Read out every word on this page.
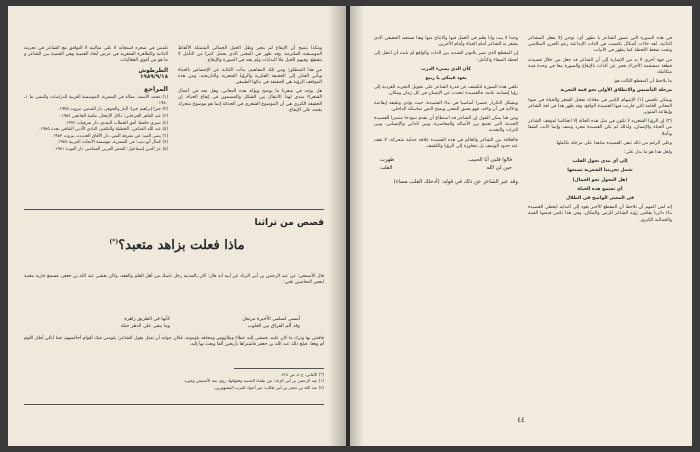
ومكذا يتضح أن الإيقاع لم ينغير وظل الخيل الجمالي المتمثلة الألفاظ الموسيقية الملتزمة، وقد ظهر في المعنى الذي يحمل كثيرا من التأمل لا ينقطع، وفيهم الخيل ملأ البدايات ولم يجد في الصورة والإيقاع.

من هذا المنطلق؛ ومن تلك المفاهيم، بدأت الكتابة عن الإحساس بالحياة ويأتي الفنان إلى الحقيقة الفكرية والرؤيا الشعرية والتاريخية، ومن هذه المواقف الرؤية هي الحقيقة في بنائها الطبيعي.

هل يوجد في شعرنا ما يوضح ويؤكد هذه المعاني، وهل نجد في أعمال الشعراء صدى لهذا الانتقال بين الشكل والمضمون في إيقاع الحياة، إن الحقيقة الكبرى هي أن الموضوع الشعري في الحداثة إنما هو موضوع متحرك يعتمد على الإيقاع.

تلمس في شعره استجابة لا على مثاليته لا التوافق مع الشاعر في تجربته الذاتية والظاهرة الشعرية في عرض أبعاد القضية وهي القضية بين الشاعر و ما هو من أقوى الفعاليات.

الطرطوش
١٩٨٩/٩/١٨
المراجع
(١) محمد الأسعد: مقالة في الشعرية، المؤسسة العربية للدراسات والنشر، ط ١، ١٩٨٠.
(٢) جبرا إبراهيم جبرا: النار والجوهر، دار القدس، بيروت ١٩٧٥.
(٣) عبد القاهر الجرجاني: دلائل الإعجاز، مكتبة الخانجي ١٩٨٤.
(٤) صبري حافظ: أفق الخطاب النقدي، دار شرقيات ١٩٩٦.
(٥) عبد الله الغذامي: الخطيئة والتكفير، النادي الأدبي الثقافي بجدة ١٩٨٥.
(٦) يمنى العيد: في معرفة النص، دار الآفاق الجديدة، بيروت ١٩٨٣.
(٧) كمال أبو ديب: في الشعرية، مؤسسة الأبحاث العربية ١٩٨٧.
(٨) عز الدين إسماعيل: الشعر العربي المعاصر، دار العودة ١٩٨١.
قصص من تراثنا
ماذا فعلت بزاهد متعبد؟(*)
قال الأصمعي: عن عبد الرحمن بن أبي الزناد عن أبيه أنه قال: كان بالمدينة رجل ناسك من أهل العلم والفقه، وكان يغشى عبد الله بن جعفر، فسمع جارية مغنية لبعض النخاسين تغني:
أمسى لسلمى الأخيرة مرتحل
كأنها في الطريق زاهرة
وقد ألم الفراق بين القلوب
وما يبقى على الدهر حيلة
فافتتن بها وترك ما كان عليه، فمشى إليه عطاء وطاووس ومجاهد يلومونه، فكان جوابه أن تمثل بقول الشاعر: يلومني فيك أقوام أجالسهم، فما أبالي أطار اللوم أم وقعا. فبلغ ذلك عبد الله بن جعفر فاشتراها بأربعين ألفا وبعث بها إليه.
(*) الأغاني، ج ٨، ص ٢٢٤.
(١) عبد الرحمن بن أبي الزناد: من علماء المدينة وفقهائها، روى عنه الأصمعي وغيره.
(٢) عبد الله بن جعفر بن أبي طالب: من أجواد العرب المشهورين.

في هذه الصورة التي تصور الشاعر يا نظهر أي: نوحي إلا بفعل المشاعر الذاتية، لقد جاءت أشكال تكتسب في الذات الإبداعية رغم الحزن المتلاشي وتحت ضغط اللحظة كما يظهر في الأبيات.

من جهة أخرى لا بد من الإشارة إلى أن الشاعر قد جعل من خلال قصيدته قطعة منسجمة الأجزاء، فعبر عن الذات بالإيقاع والصورة معا في وحدة فنية متكاملة.

ما يلاحظ أن المقطع الثالث هو:

مرحلة التأسيس والانطلاق الأولى نحو قمة التجربة

ويمكن تلخيص (١) الإسهام الكبير في معادلة تفعيل الشعر والحياة في ضوء المعاني العامة التي قاربت فيها القصيدة الواقع، وقد ظهر هذا في لغة الشاعر وإيقاعه المتوتر.

(٢) إن الرؤيا الشعرية لا تكون في مثل هذه الحالة إلا انعكاسا لموقف الشاعر من الحياة والإنسان، ولذلك لم تكن القصيدة مجرد وصف وإنما كانت كشفا وتأملا.

وعلى الرغم من ذلك تبقى القصيدة شاهدا على مرحلة بكاملها.

ولعل هذا هو ما يدل على:

إلى أي مدى تحول القلب

تحمل تجربتنا الشعرية تصنعها

(هل التحول نحو الجمال)

أي تجتمع هذه الحياة

في المعنى الواضح في الظلال

إنه لمن المهم أن نلاحظ أن المقطع الأخير يعود إلى البداية ليعطي القصيدة بناء دائريا يعكس رؤية الشاعر للزمن والمكان، وفي هذا تكمن قيمتها الفنية والجمالية الكبرى.

وحدا لا يبت وانا يعلم في العمل فيها والانتاج منها وهنا نستعيد الحقيقي الذي يشعر به الشاعر أمام الحياة وأمام الآخرين.

إن المقطع الذي تميز بالتوتر الشديد بين الذات والواقع لم يلبث أن انتقل إلى لحظة الصفاء والتأمل:

كأن الذي يضيء الدرب

يعود فيبكي يا ربيع

تكفي هذه الصورة لتكشف عن قدرة الشاعر على تحويل التجربة الفردية إلى رؤيا إنسانية عامة، فالقصيدة تتحدث عن الإنسان في كل زمان ومكان.

ويشكل التكرار عنصرا أساسيا في بناء القصيدة، حيث يؤدي وظيفة إيقاعية ودلالية في آن واحد، فهو يعمق المعنى ويمنح النص تماسكه الداخلي.

ومن هنا يمكن القول إن الشاعر قد استطاع أن يقدم نموذجا متميزا للقصيدة الحديثة التي تجمع بين الأصالة والمعاصرة، وبين الذاتي والإنساني، وبين التراث والتجديد.

فالعلاقة بين الشاعر والعالم في هذه القصيدة علاقة جدلية متحركة، لا تقف عند حدود الوصف بل تتجاوزه إلى الرؤيا والكشف.

قالوا قلبي أنا الحبيب
ظهرت
حين لي الله
القلب
وقد عبر الشاعر عن ذلك في قوله: (أدخلك القلب مساء)
٤٤
